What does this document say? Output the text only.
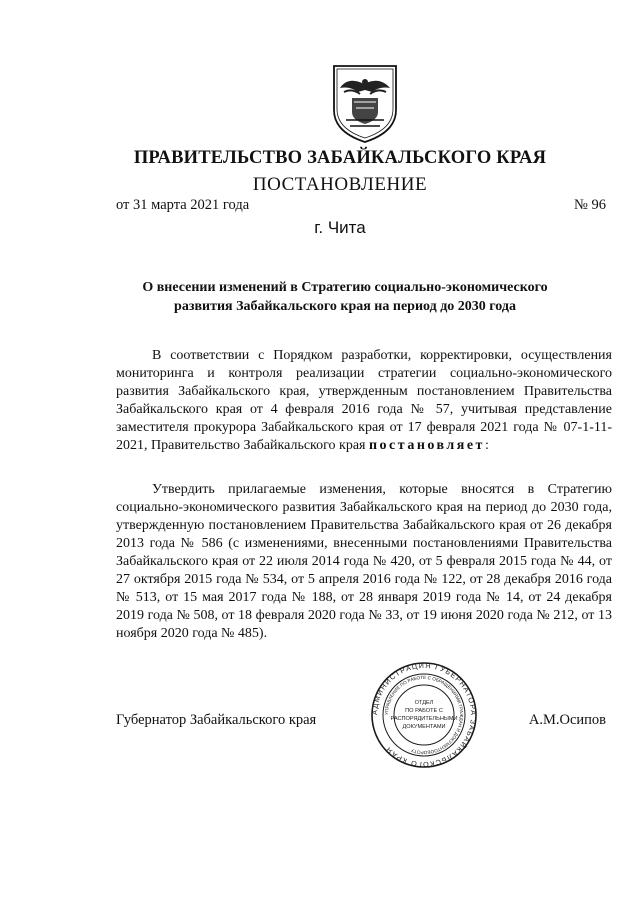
ПРАВИТЕЛЬСТВО ЗАБАЙКАЛЬСКОГО КРАЯ
ПОСТАНОВЛЕНИЕ
от 31 марта 2021 года	№ 96
г. Чита
О внесении изменений в Стратегию социально-экономического
развития Забайкальского края на период до 2030 года

В соответствии с Порядком разработки, корректировки, осуществления мониторинга и контроля реализации стратегии социально-экономического развития Забайкальского края, утвержденным постановлением Правительства Забайкальского края от 4 февраля 2016 года № 57, учитывая представление заместителя прокурора Забайкальского края от 17 февраля 2021 года № 07-1-11-2021, Правительство Забайкальского края постановляет:

Утвердить прилагаемые изменения, которые вносятся в Стратегию социально-экономического развития Забайкальского края на период до 2030 года, утвержденную постановлением Правительства Забайкальского края от 26 декабря 2013 года № 586 (с изменениями, внесенными постановлениями Правительства Забайкальского края от 22 июля 2014 года № 420, от 5 февраля 2015 года № 44, от 27 октября 2015 года № 534, от 5 апреля 2016 года № 122, от 28 декабря 2016 года № 513, от 15 мая 2017 года № 188, от 28 января 2019 года № 14, от 24 декабря 2019 года № 508, от 18 февраля 2020 года № 33, от 19 июня 2020 года № 212, от 13 ноября 2020 года № 485).

Губернатор Забайкальского края	А.М.Осипов
АДМИНИСТРАЦИЯ ГУБЕРНАТОРА ЗАБАЙКАЛЬСКОГО КРАЯ
УПРАВЛЕНИЕ ПО РАБОТЕ С ОБРАЩЕНИЯМИ ГРАЖДАН И ДОКУМЕНТООБОРОТУ
ОТДЕЛ
ПО РАБОТЕ С
РАСПОРЯДИТЕЛЬНЫМИ
ДОКУМЕНТАМИ
